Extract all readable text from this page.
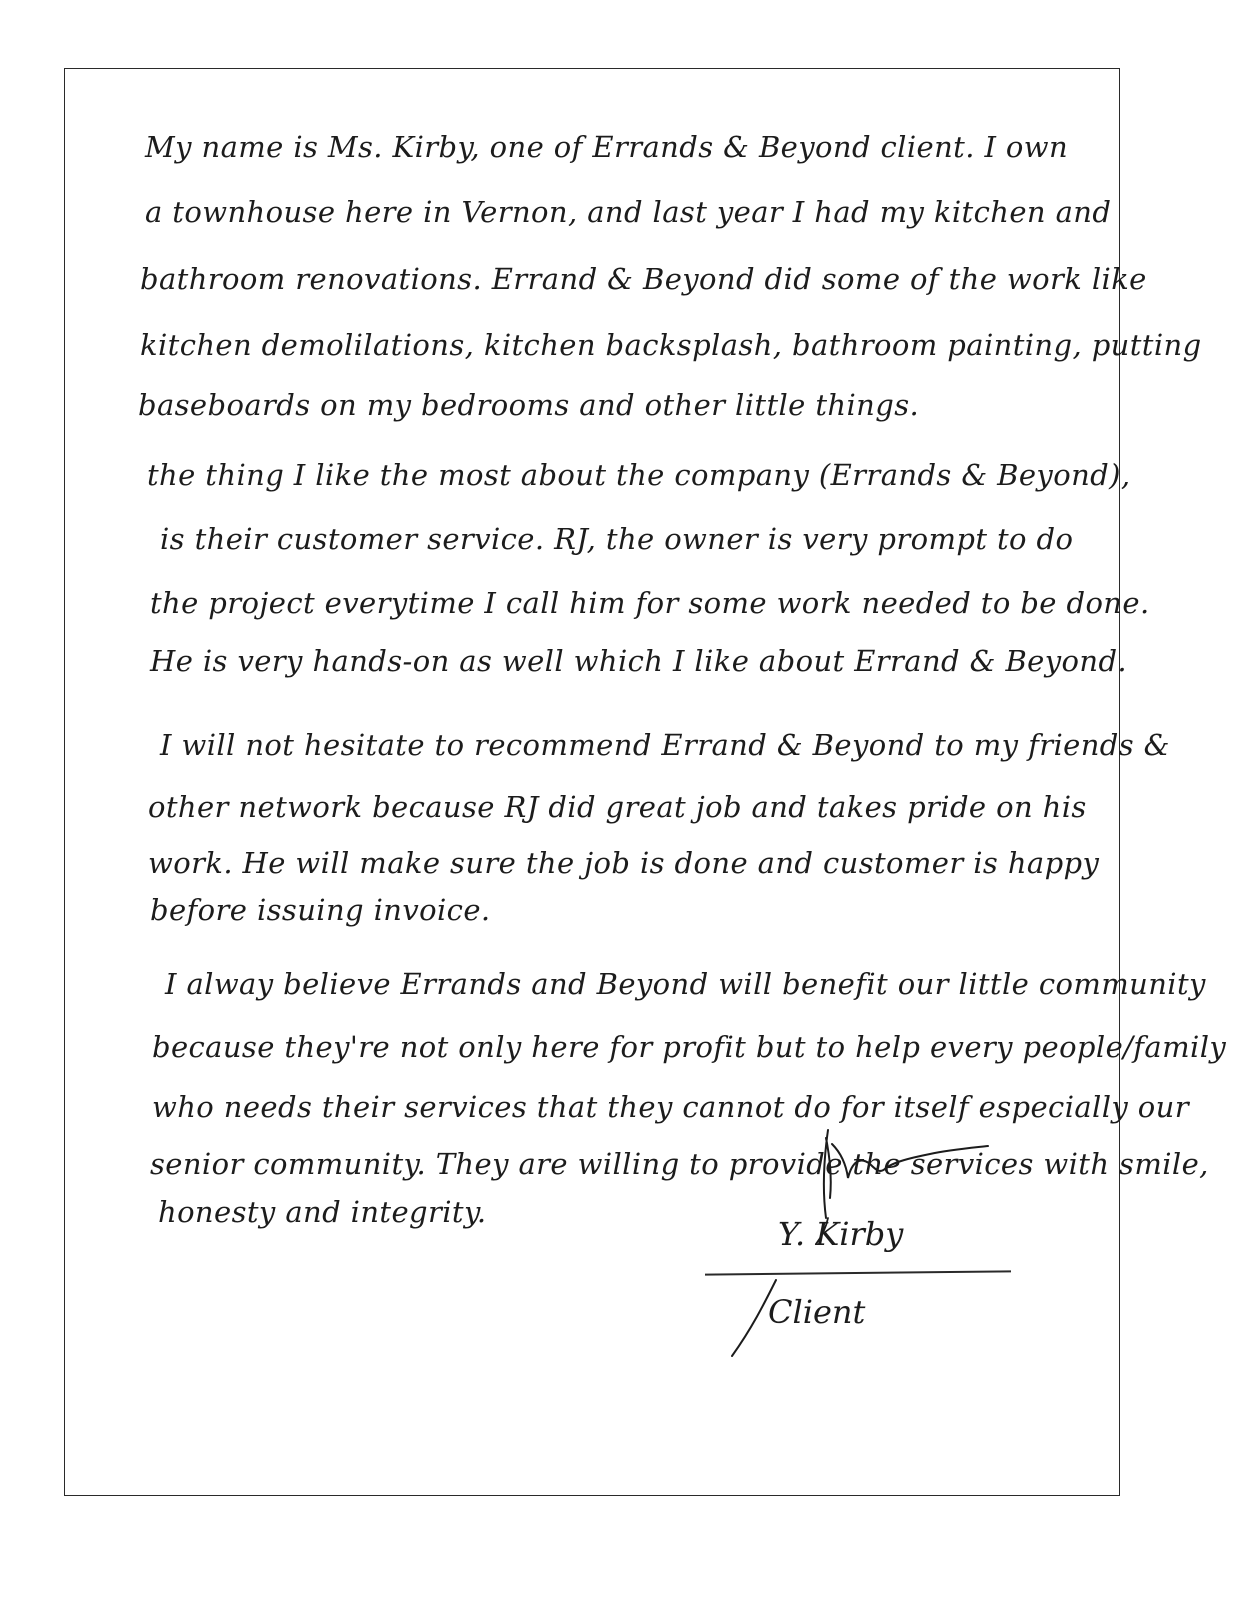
My name is Ms. Kirby, one of Errands & Beyond client. I own
a townhouse here in Vernon, and last year I had my kitchen and
bathroom renovations. Errand & Beyond did some of the work like
kitchen demolilations, kitchen backsplash, bathroom painting, putting
baseboards on my bedrooms and other little things.
the thing I like the most about the company (Errands & Beyond),
is their customer service. RJ, the owner is very prompt to do
the project everytime I call him for some work needed to be done.
He is very hands-on as well which I like about Errand & Beyond.
I will not hesitate to recommend Errand & Beyond to my friends &
other network because RJ did great job and takes pride on his
work. He will make sure the job is done and customer is happy
before issuing invoice.
I alway believe Errands and Beyond will benefit our little community
because they're not only here for profit but to help every people/family
who needs their services that they cannot do for itself especially our
senior community. They are willing to provide the services with smile,
honesty and integrity.
Y. Kirby
Client
